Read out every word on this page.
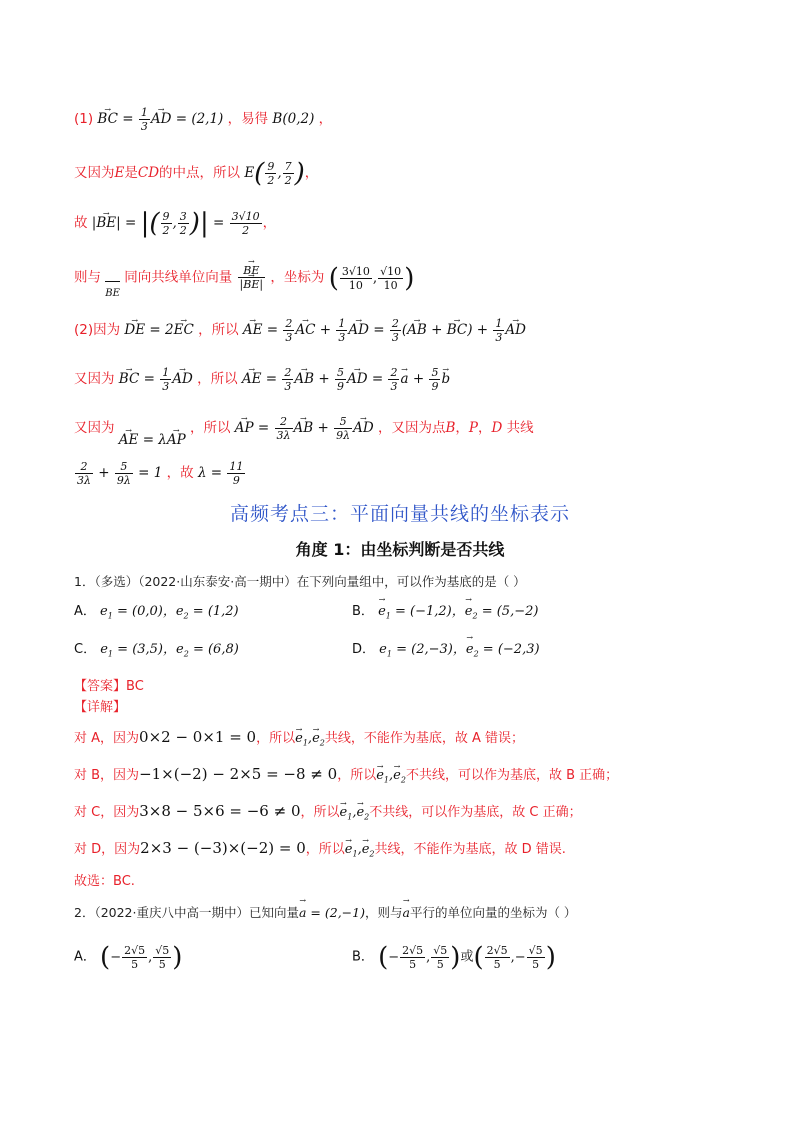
(1) → BC = $\frac{1}{3}$
→ AD = (2,1) ，易得 B(0,2) ，
又因为E是CD的中点，所以 $E( \frac{9}{2}$ , $\frac{7}{2}$ )，
故 |→ BE| = |( $\frac{9}{2}$ , $\frac{3}{2}$ )| = $\frac{3√10}{2}$ ，
则与 BE 同向共线单位向量
→ $\frac{BE}{|\to BE|}$ ，坐标为 ( $\frac{3√10}{10}$ , $\frac{√10}{10}$ )
(2)因为 → DE = 2→ EC ，所以 → AE = $\frac{2}{3}$
→ AC + $\frac{1}{3}$
→ AD = $\frac{2}{3}$ (→ AB + → $BC) + \frac{1}{3}$
→ AD
又因为 → BC = $\frac{1}{3}$
→ AD ，所以 → AE = $\frac{2}{3}$
→ AB + $\frac{5}{9}$
→ AD = $\frac{2}{3}$
→ $a + \frac{5}{9}$
→ b
又因为 → AE = λ→ AP ，所以 → AP = $\frac{2}{3\lambda}$
→ AB + $\frac{5}{9\lambda}$
→ AD ，又因为点B，P，D 共线
$\frac{2}{3\lambda} + \frac{5}{9\lambda} = 1$ ，故 $\lambda = \frac{11}{9}$
高频考点三：平面向量共线的坐标表示
角度 1：由坐标判断是否共线
1．（多选）（2022·山东泰安·高一期中）在下列向量组中，可以作为基底的是（ ）
A． $e_1 = (0,0)$，$e_2 = (1,2)$	B． → $e_1 = (-1,2)$，→ $e_2 = (5,-2)$
C． $e_1 = (3,5)$，$e_2 = (6,8)$	D． $e_1 = (2,-3)$，→ $e_2 = (-2,3)$
【答案】BC
【详解】
对 A，因为0×2 − 0×1 = 0，所以→ $e_1,\to e_2$共线，不能作为基底，故 A 错误；
对 B，因为−1×(−2) − 2×5 = −8 ≠ 0，所以→ $e_1,\to e_2$不共线，可以作为基底，故 B 正确；
对 C，因为3×8 − 5×6 = −6 ≠ 0，所以→ $e_1,\to e_2$不共线，可以作为基底，故 C 正确；
对 D，因为2×3 − (−3)×(−2) = 0，所以→ $e_1,\to e_2$共线，不能作为基底，故 D 错误.
故选：BC.
2．（2022·重庆八中高一期中）已知向量→ a = (2,−1)，则与→ a平行的单位向量的坐标为（ ）
A． (− $\frac{2√5}{5}$ , $\frac{√5}{5}$ )	B． (− $\frac{2√5}{5}$ , $\frac{√5}{5}$ )或( $\frac{2√5}{5}$ ,− $\frac{√5}{5}$ )
